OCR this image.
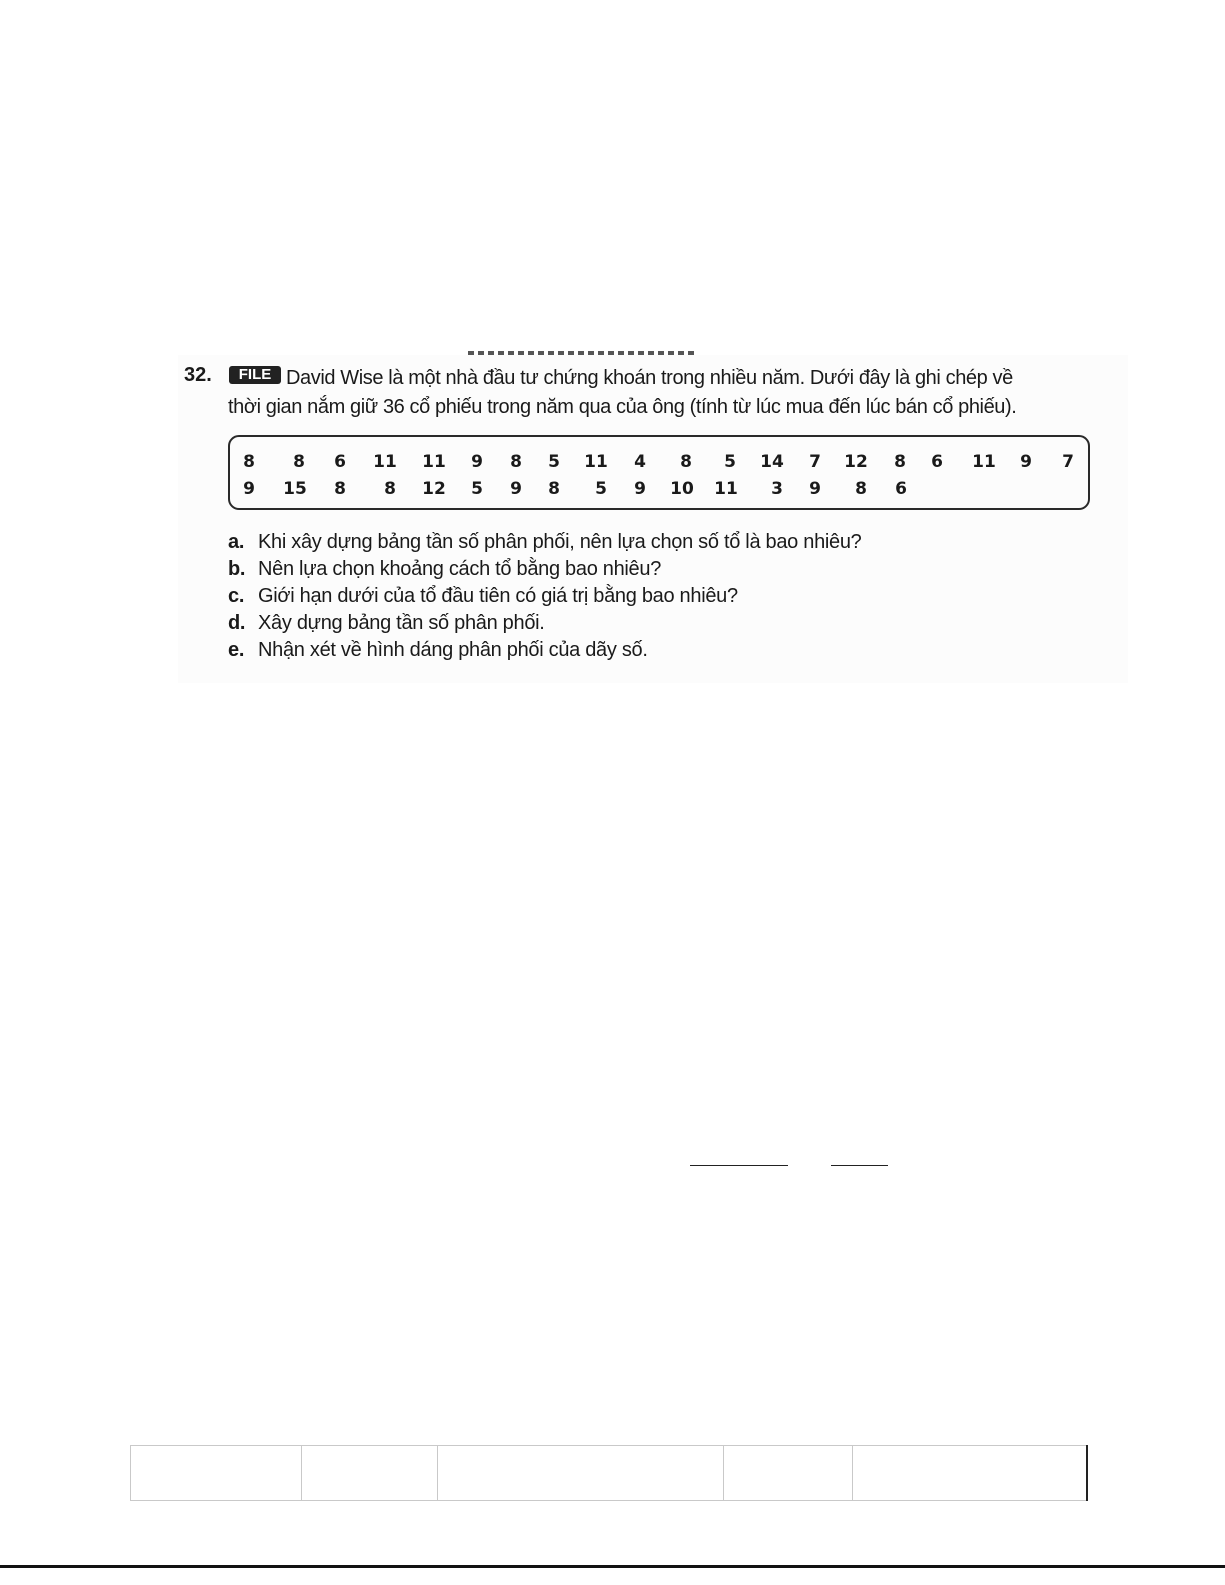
32. FILE David Wise là một nhà đầu tư chứng khoán trong nhiều năm. Dưới đây là ghi chép về
thời gian nắm giữ 36 cổ phiếu trong năm qua của ông (tính từ lúc mua đến lúc bán cổ phiếu).
8 8 6 11 11 9 8 5 11 4 8 5 14 7 12 8 6 11 9 7
9 15 8 8 12 5 9 8 5 9 10 11 3 9 8 6
a. Khi xây dựng bảng tần số phân phối, nên lựa chọn số tổ là bao nhiêu?
b. Nên lựa chọn khoảng cách tổ bằng bao nhiêu?
c. Giới hạn dưới của tổ đầu tiên có giá trị bằng bao nhiêu?
d. Xây dựng bảng tần số phân phối.
e. Nhận xét về hình dáng phân phối của dãy số.
